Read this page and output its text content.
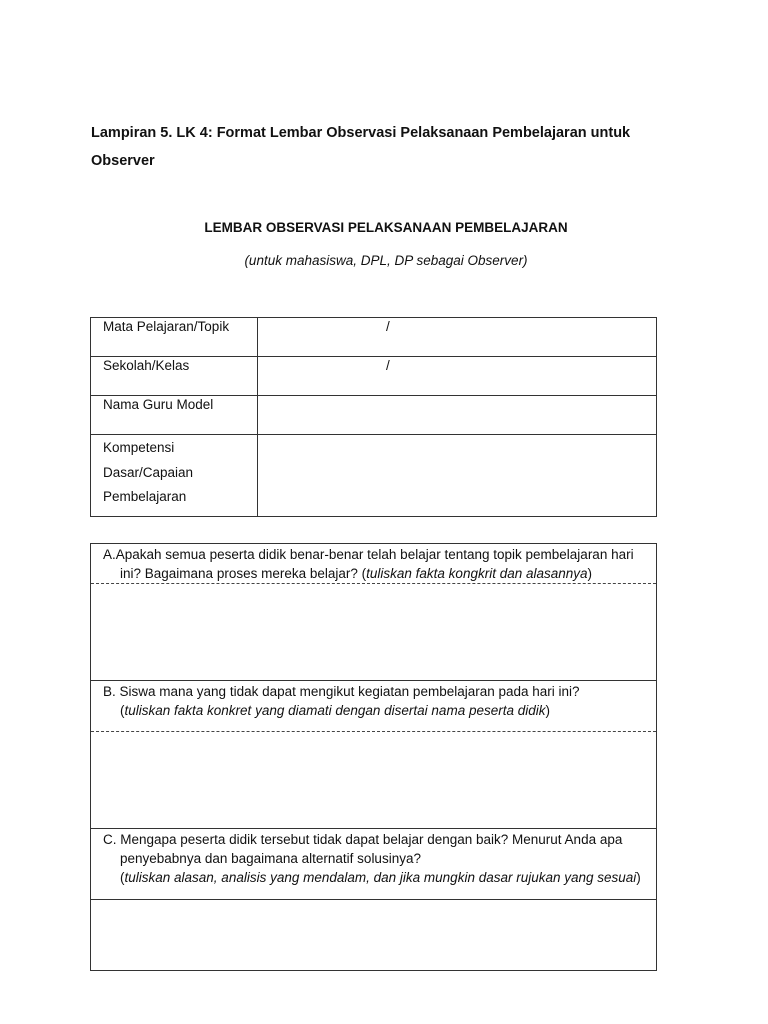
Lampiran 5. LK 4: Format Lembar Observasi Pelaksanaan Pembelajaran untuk
Observer
LEMBAR OBSERVASI PELAKSANAAN PEMBELAJARAN
(untuk mahasiswa, DPL, DP sebagai Observer)
Mata Pelajaran/Topik	/

Sekolah/Kelas	/

Nama Guru Model	

Kompetensi
Dasar/Capaian
Pembelajaran	

A.Apakah semua peserta didik benar-benar telah belajar tentang topik pembelajaran hari
ini? Bagaimana proses mereka belajar? (tuliskan fakta kongkrit dan alasannya)

B. Siswa mana yang tidak dapat mengikut kegiatan pembelajaran pada hari ini?
(tuliskan fakta konkret yang diamati dengan disertai nama peserta didik)

C. Mengapa peserta didik tersebut tidak dapat belajar dengan baik? Menurut Anda apa
penyebabnya dan bagaimana alternatif solusinya?
(tuliskan alasan, analisis yang mendalam, dan jika mungkin dasar rujukan yang sesuai)
